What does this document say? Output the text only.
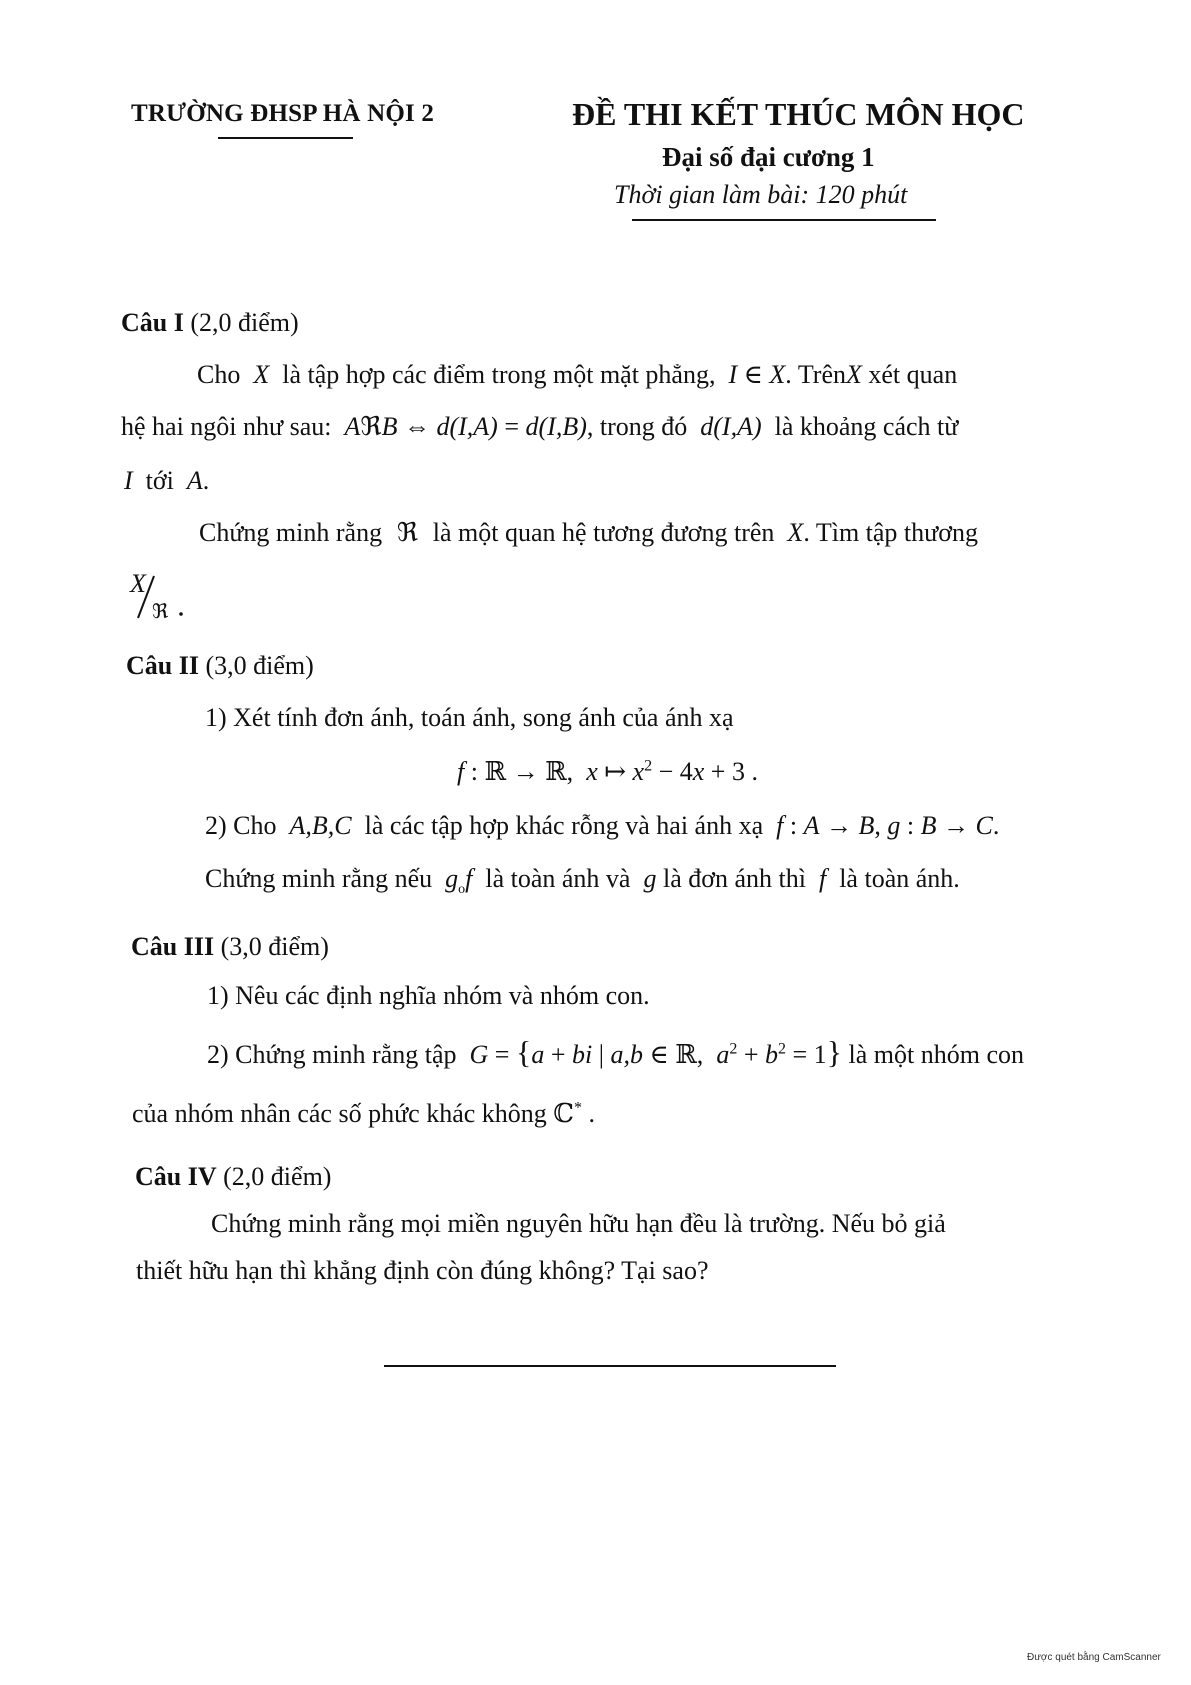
TRƯỜNG ĐHSP HÀ NỘI 2	ĐỀ THI KẾT THÚC MÔN HỌC
Đại số đại cương 1
Thời gian làm bài: 120 phút
Câu I (2,0 điểm)
Cho  X  là tập hợp các điểm trong một mặt phẳng,  I ∈ X. TrênX xét quan
hệ hai ngôi như sau:  AℜB ⇔ d(I,A) = d(I,B), trong đó  d(I,A)  là khoảng cách từ
I  tới  A.
Chứng minh rằng  ℜ  là một quan hệ tương đương trên  X. Tìm tập thương
X
ℜ
Câu II (3,0 điểm)
1) Xét tính đơn ánh, toán ánh, song ánh của ánh xạ
f : ℝ → ℝ,  x ↦ $x^2 - 4x + 3$ .
2) Cho  A,B,C  là các tập hợp khác rỗng và hai ánh xạ  f : A → B, g : B → C.
Chứng minh rằng nếu  $g_of$  là toàn ánh và  g là đơn ánh thì  f  là toàn ánh.
Câu III (3,0 điểm)
1) Nêu các định nghĩa nhóm và nhóm con.
2) Chứng minh rằng tập  G = {a + bi | a,b ∈ ℝ,  $a^2 + b^2 = 1$} là một nhóm con
của nhóm nhân các số phức khác không ℂ* .
Câu IV (2,0 điểm)
Chứng minh rằng mọi miền nguyên hữu hạn đều là trường. Nếu bỏ giả
thiết hữu hạn thì khẳng định còn đúng không? Tại sao?
Được quét bằng CamScanner
